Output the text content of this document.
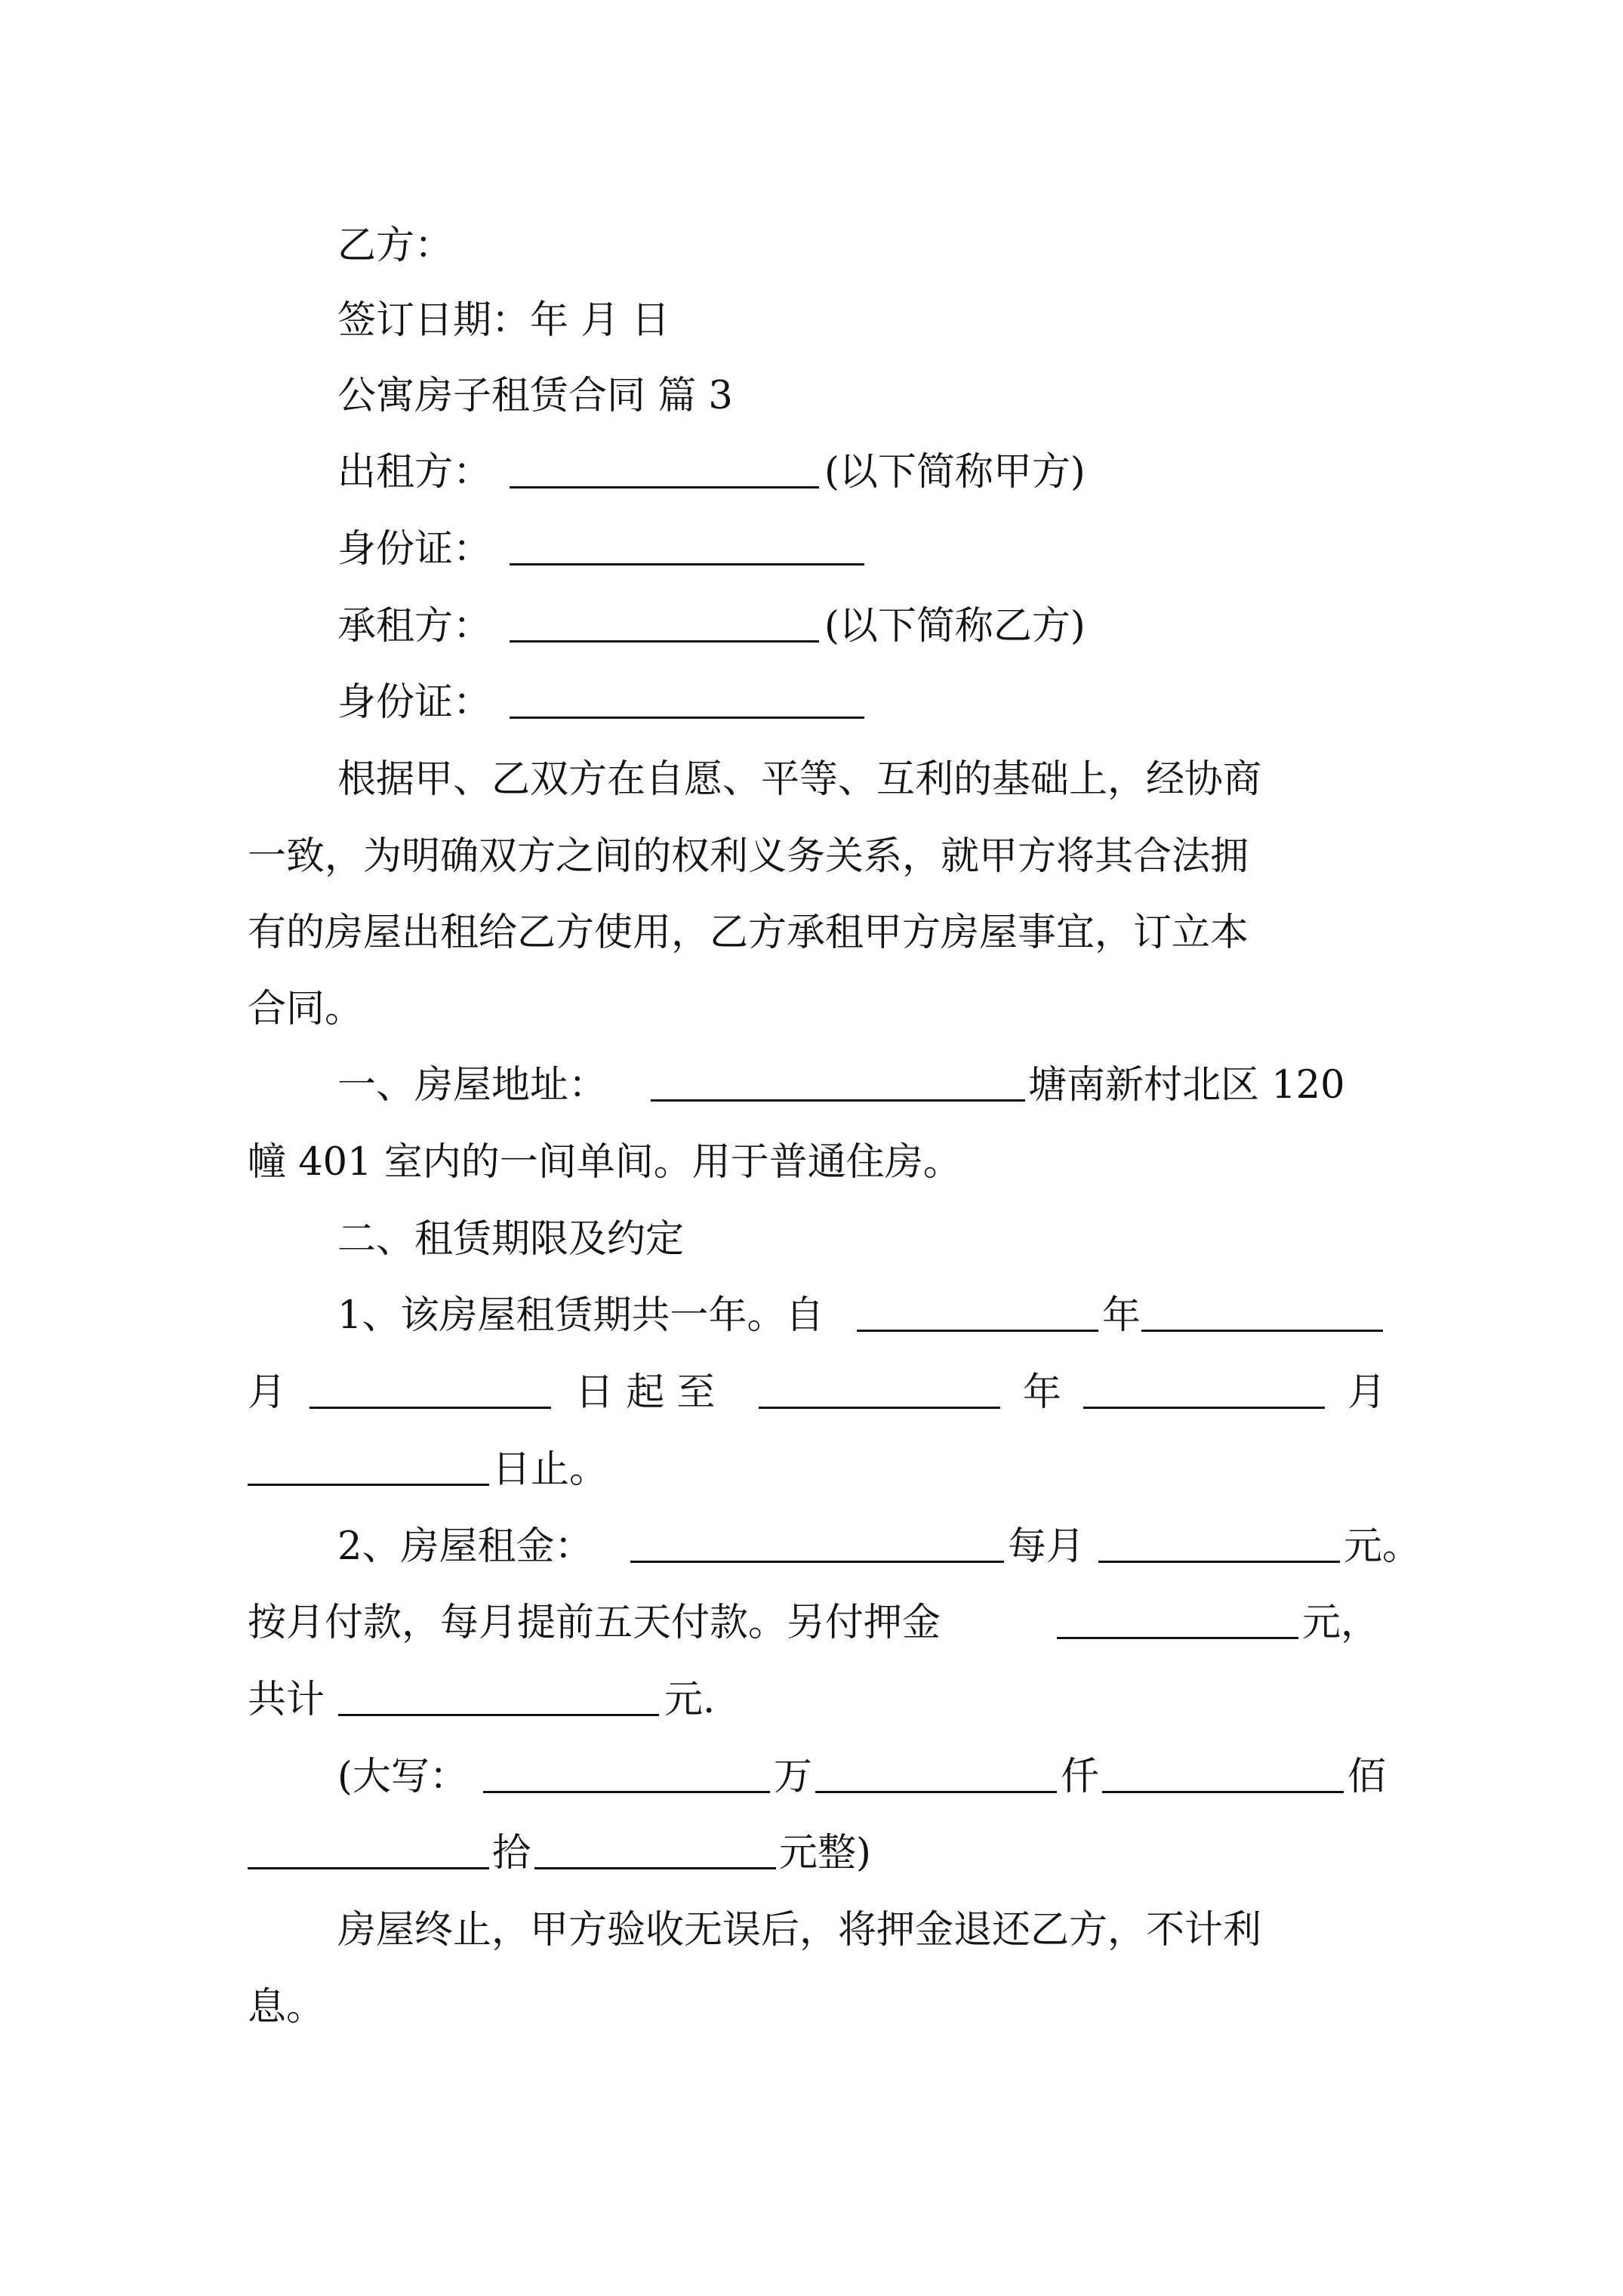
乙方：
签订日期：年 月 日
公寓房子租赁合同 篇 3
出租方：	(以下简称甲方)
身份证：
承租方：	(以下简称乙方)
身份证：
根据甲、乙双方在自愿、平等、互利的基础上，经协商
一致，为明确双方之间的权利义务关系，就甲方将其合法拥
有的房屋出租给乙方使用，乙方承租甲方房屋事宜，订立本
合同。
一、房屋地址：	塘南新村北区 120
幢 401 室内的一间单间。用于普通住房。
二、租赁期限及约定
1、该房屋租赁期共一年。自	年
月	日 起 至	年	月
日止。
2、房屋租金：	每月	元。
按月付款，每月提前五天付款。另付押金	元，
共计	元.
(大写：	万	仟	佰
拾	元整)
房屋终止，甲方验收无误后，将押金退还乙方，不计利
息。
